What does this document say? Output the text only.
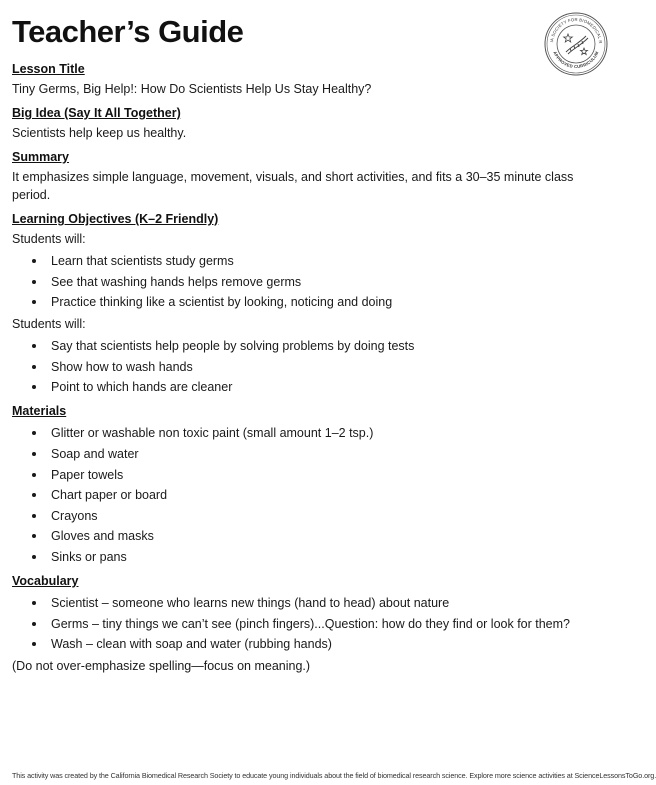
Teacher’s Guide	IA SOCIETY FOR BIOMEDICAL R
APPROVED CURRICULUM

Lesson Title

Tiny Germs, Big Help!: How Do Scientists Help Us Stay Healthy?

Big Idea (Say It All Together)

Scientists help keep us healthy.

Summary

It emphasizes simple language, movement, visuals, and short activities, and fits a 30–35 minute class period.

Learning Objectives (K–2 Friendly)

Students will:

Learn that scientists study germs
See that washing hands helps remove germs
Practice thinking like a scientist by looking, noticing and doing

Students will:

Say that scientists help people by solving problems by doing tests
Show how to wash hands
Point to which hands are cleaner

Materials

Glitter or washable non toxic paint (small amount 1–2 tsp.)
Soap and water
Paper towels
Chart paper or board
Crayons
Gloves and masks
Sinks or pans

Vocabulary

Scientist – someone who learns new things (hand to head) about nature
Germs – tiny things we can’t see (pinch fingers)...Question: how do they find or look for them?
Wash – clean with soap and water (rubbing hands)

(Do not over-emphasize spelling—focus on meaning.)

This activity was created by the California Biomedical Research Society to educate young individuals about the field of biomedical research science. Explore more science activities at ScienceLessonsToGo.org.
